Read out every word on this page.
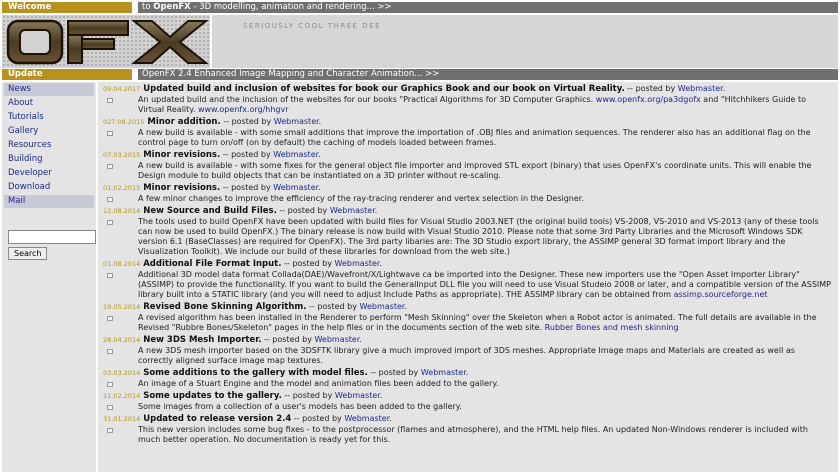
Welcome	to OpenFX - 3D modelling, animation and rendering... >>
SERIOUSLY COOL THREE DEE
Update	OpenFX 2.4 Enhanced Image Mapping and Character Animation... >>
News
About
Tutorials
Gallery
Resources
Building
Developer
Download
Mail
Search
09.04.2017 Updated build and inclusion of websites for book our Graphics Book and our book on Virtual Reality. -- posted by Webmaster.
An updated build and the inclusion of the websites for our books "Practical Algorithms for 3D Computer Graphics. www.openfx.org/pa3dgofx and "Hitchhikers Guide to Virtual Reality. www.openfx.org/hhgvr
027.08.2015 Minor addition. -- posted by Webmaster.
A new build is available - with some small additions that improve the importation of .OBJ files and animation sequences. The renderer also has an additional flag on the control page to turn on/off (on by default) the caching of models loaded between frames.
07.03.2015 Minor revisions. -- posted by Webmaster.
A new build is available - with some fixes for the general object file importer and improved STL export (binary) that uses OpenFX's coordinate units. This will enable the Design module to build objects that can be instantiated on a 3D printer without re-scaling.
01.02.2015 Minor revisions. -- posted by Webmaster.
A few minor changes to improve the efficiency of the ray-tracing renderer and vertex selection in the Designer.
12.08.2014 New Source and Build Files. -- posted by Webmaster.
The tools used to build OpenFX have been updated with build files for Visual Studio 2003.NET (the original build tools) VS-2008, VS-2010 and VS-2013 (any of these tools can now be used to build OpenFX.) The binary release is now build with Visual Studio 2010. Please note that some 3rd Party Libraries and the Microsoft Windows SDK version 6.1 (BaseClasses) are required for OpenFX). The 3rd party libaries are: The 3D Studio export library, the ASSIMP general 3D format import library and the Visualization Toolkit). We include our build of these libraries for download from the web site.)
01.08.2014 Additional File Format Input. -- posted by Webmaster.
Additional 3D model data format Collada(DAE)/Wavefront/X/Lightwave ca be imported into the Designer. These new importers use the "Open Asset Importer Library" (ASSIMP) to provide the functionality. If you want to build the GeneralInput DLL file you will need to use Visual Studeio 2008 or later, and a compatible version of the ASSIMP library built into a STATIC library (and you will need to adjust Include Paths as appropriate). THE ASSIMP library can be obtained from assimp.sourceforge.net
19.05.2014 Revised Bone Skinning Algorithm. -- posted by Webmaster.
A revised algorithm has been installed in the Renderer to perform "Mesh Skinning" over the Skeleton when a Robot actor is animated. The full details are available in the Revised "Rubbre Bones/Skeleton" pages in the help files or in the documents section of the web site. Rubber Bones and mesh skinning
28.04.2014 New 3DS Mesh Importer. -- posted by Webmaster.
A new 3DS mesh importer based on the 3DSFTK library give a much improved import of 3DS meshes. Appropriate Image maps and Materials are created as well as correctly aligned surface image map textures.
03.03.2014 Some additions to the gallery with model files. -- posted by Webmaster.
An image of a Stuart Engine and the model and animation files been added to the gallery.
11.02.2014 Some updates to the gallery. -- posted by Webmaster.
Some images from a collection of a user's models has been added to the gallery.
31.01.2014 Updated to release version 2.4 -- posted by Webmaster.
This new version includes some bug fixes - to the postprocessor (flames and atmosphere), and the HTML help files. An updated Non-Windows renderer is included with much better operation. No documentation is ready yet for this.
